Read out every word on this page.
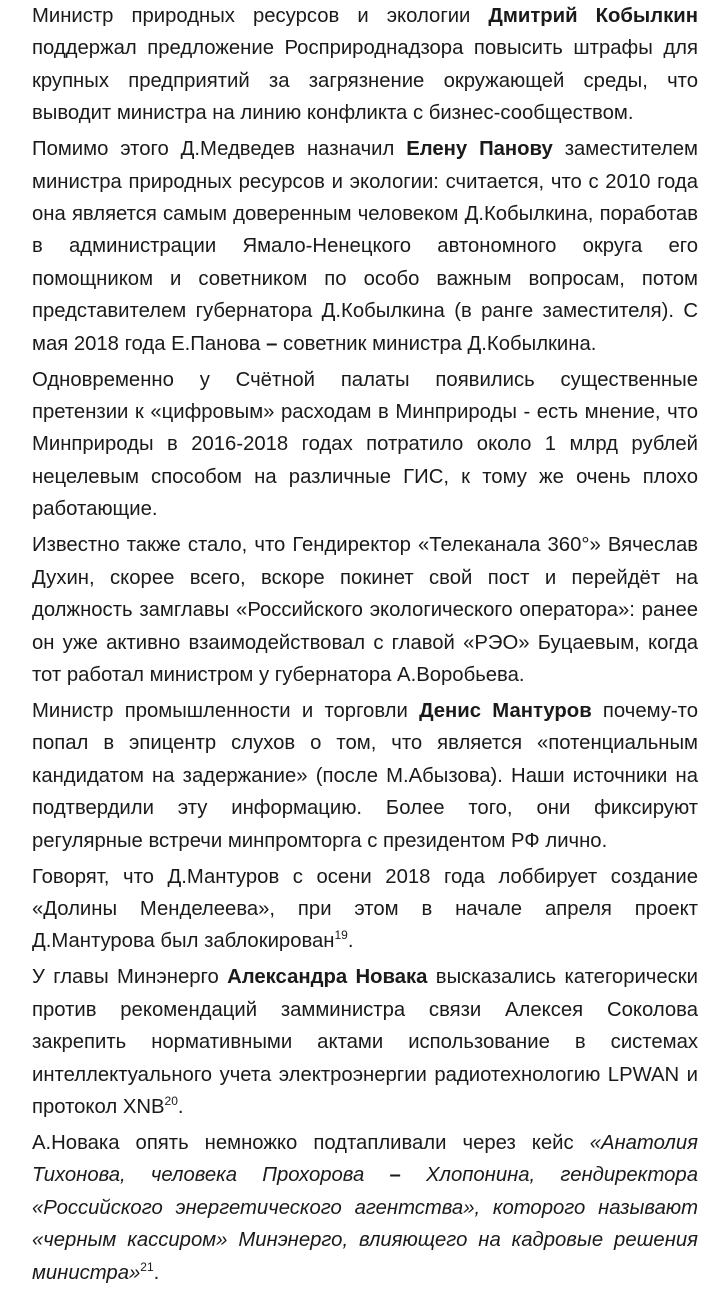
Министр природных ресурсов и экологии Дмитрий Кобылкин поддержал предложение Росприроднадзора повысить штрафы для крупных предприятий за загрязнение окружающей среды, что выводит министра на линию конфликта с бизнес-сообществом.

Помимо этого Д.Медведев назначил Елену Панову заместителем министра природных ресурсов и экологии: считается, что с 2010 года она является самым доверенным человеком Д.Кобылкина, поработав в администрации Ямало-Ненецкого автономного округа его помощником и советником по особо важным вопросам, потом представителем губернатора Д.Кобылкина (в ранге заместителя). С мая 2018 года Е.Панова – советник министра Д.Кобылкина.

Одновременно у Счётной палаты появились существенные претензии к «цифровым» расходам в Минприроды - есть мнение, что Минприроды в 2016-2018 годах потратило около 1 млрд рублей нецелевым способом на различные ГИС, к тому же очень плохо работающие.

Известно также стало, что Гендиректор «Телеканала 360°» Вячеслав Духин, скорее всего, вскоре покинет свой пост и перейдёт на должность замглавы «Российского экологического оператора»: ранее он уже активно взаимодействовал с главой «РЭО» Буцаевым, когда тот работал министром у губернатора А.Воробьева.

Министр промышленности и торговли Денис Мантуров почему-то попал в эпицентр слухов о том, что является «потенциальным кандидатом на задержание» (после М.Абызова). Наши источники на подтвердили эту информацию. Более того, они фиксируют регулярные встречи минпромторга с президентом РФ лично.

Говорят, что Д.Мантуров с осени 2018 года лоббирует создание «Долины Менделеева», при этом в начале апреля проект Д.Мантурова был заблокирован$^{19}$.

У главы Минэнерго Александра Новака высказались категорически против рекомендаций замминистра связи Алексея Соколова закрепить нормативными актами использование в системах интеллектуального учета электроэнергии радиотехнологию LPWAN и протокол XNB$^{20}$.

А.Новака опять немножко подтапливали через кейс «Анатолия Тихонова, человека Прохорова – Хлопонина, гендиректора «Российского энергетического агентства», которого называют «черным кассиром» Минэнерго, влияющего на кадровые решения министра»$^{21}$.
